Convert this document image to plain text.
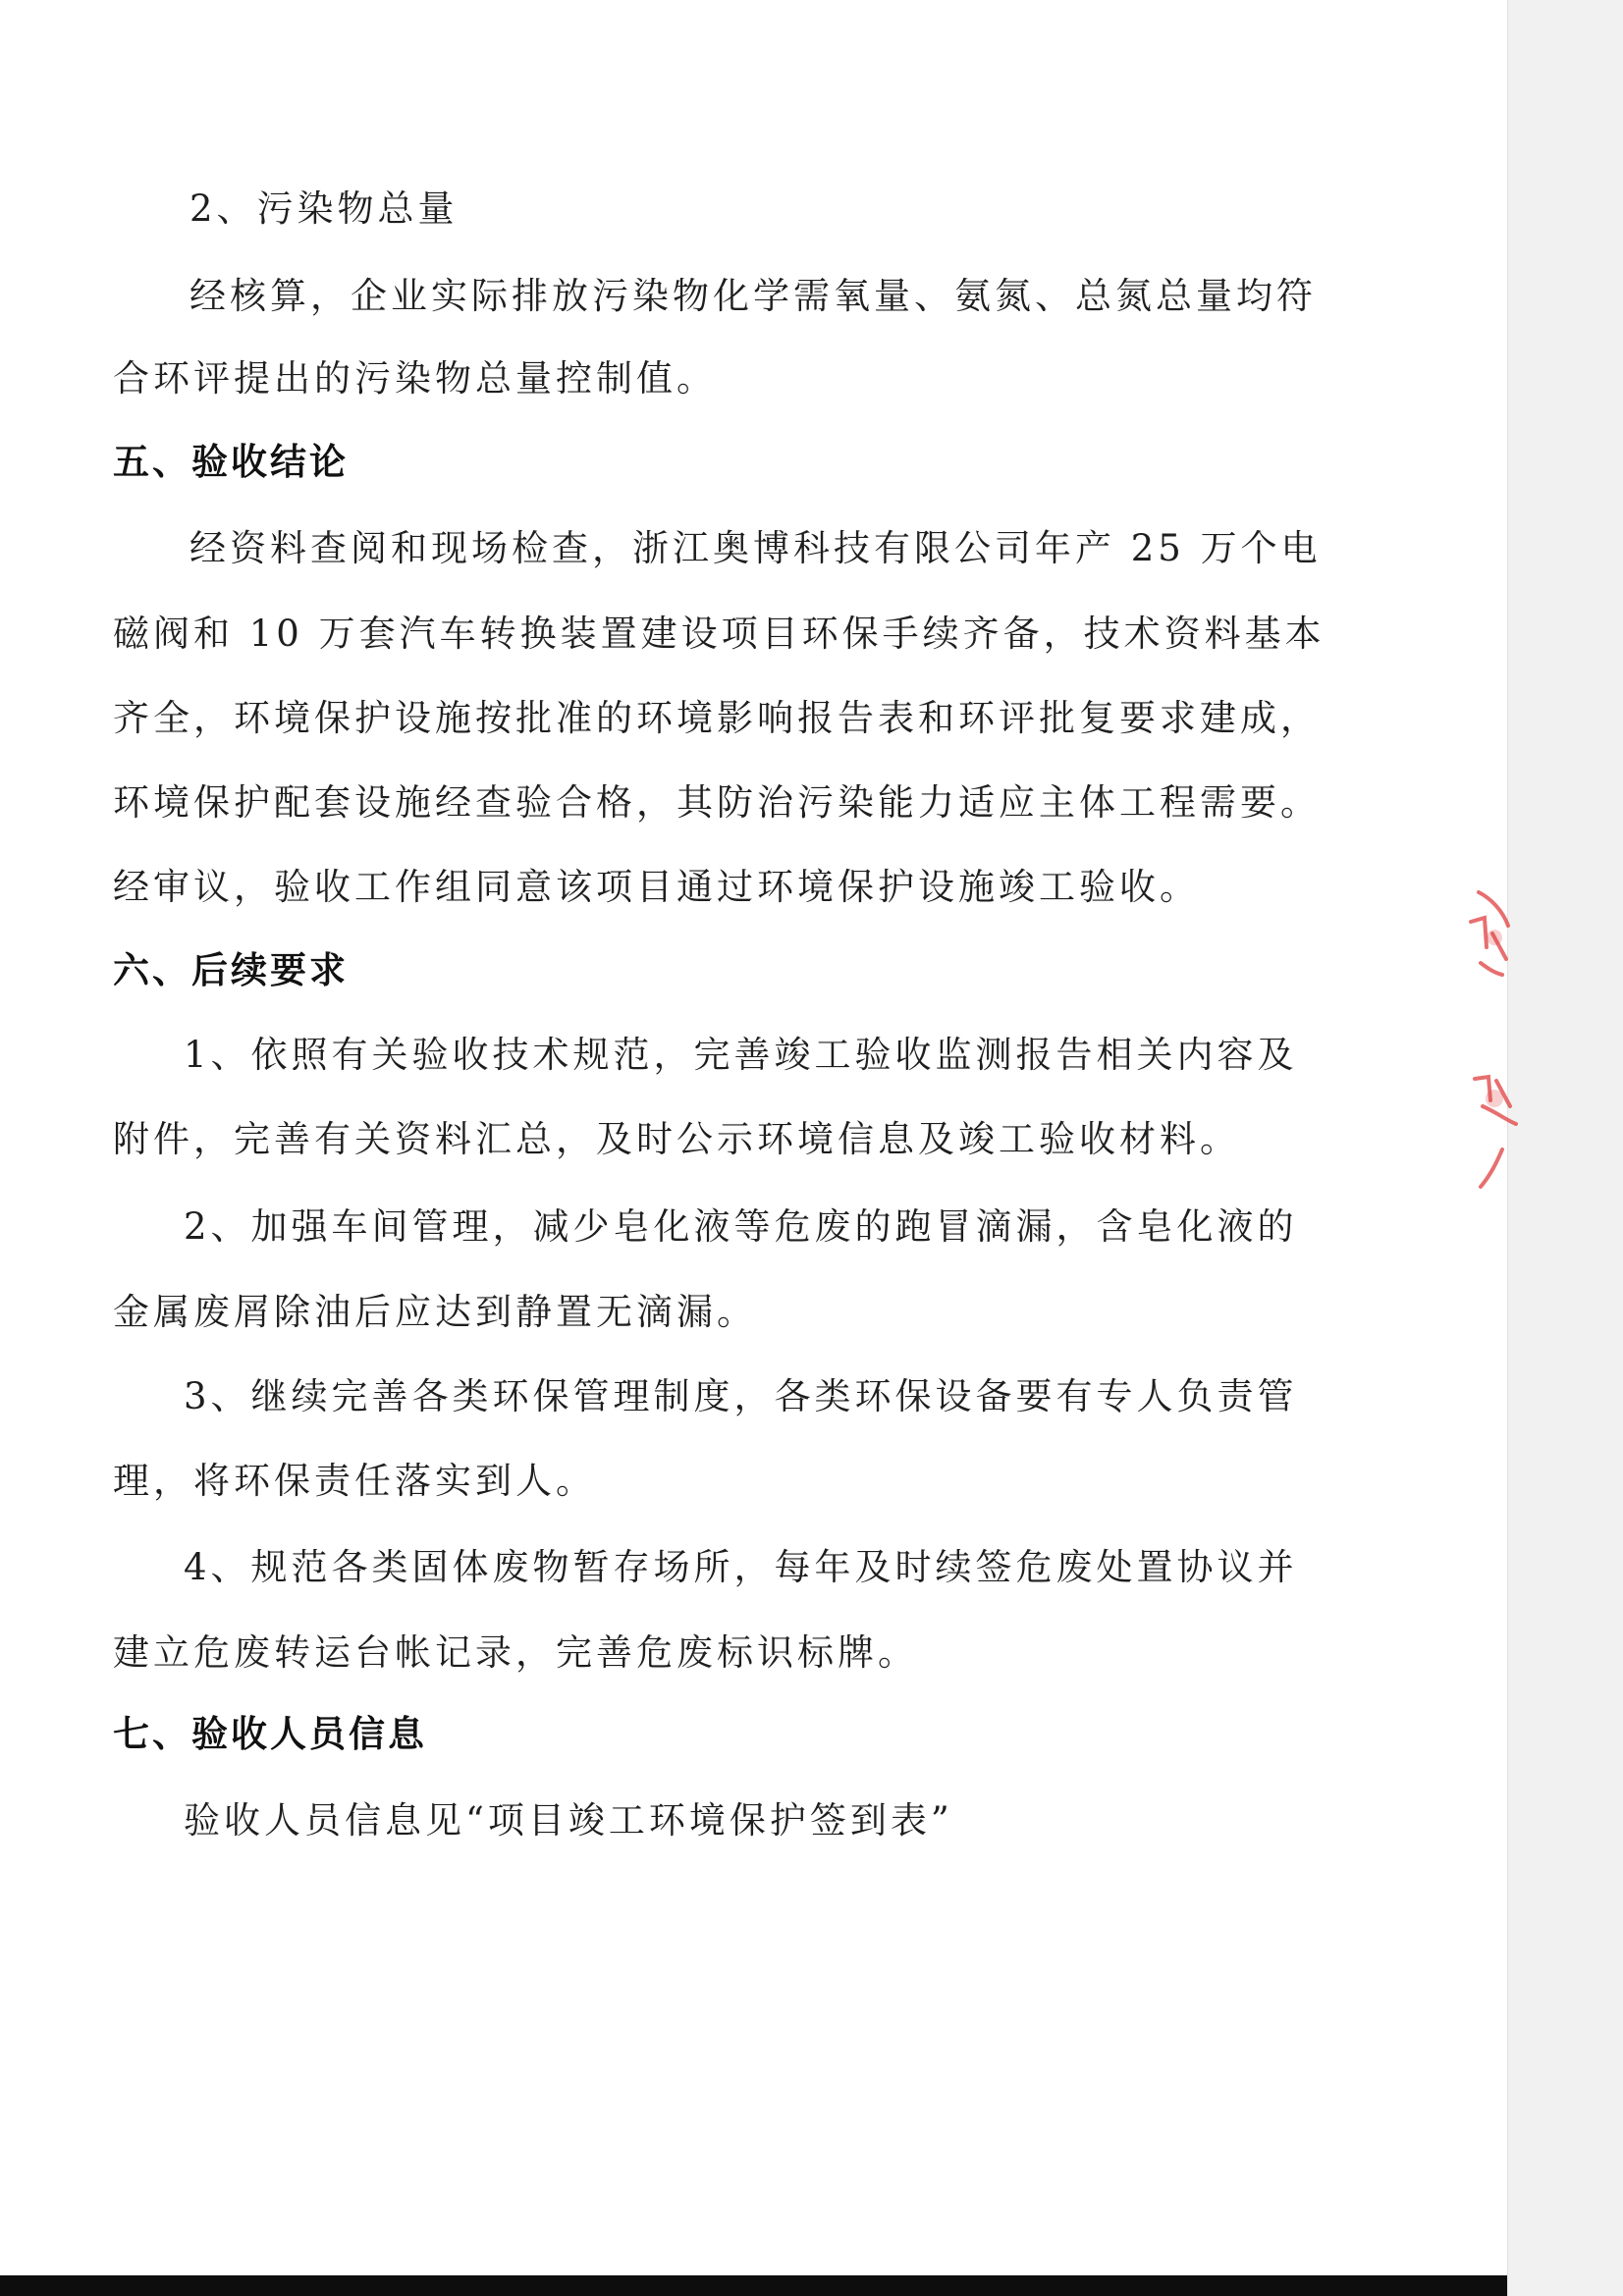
2、污染物总量

经核算，企业实际排放污染物化学需氧量、氨氮、总氮总量均符

合环评提出的污染物总量控制值。

五、验收结论

经资料查阅和现场检查，浙江奥博科技有限公司年产 25 万个电

磁阀和 10 万套汽车转换装置建设项目环保手续齐备，技术资料基本

齐全，环境保护设施按批准的环境影响报告表和环评批复要求建成，

环境保护配套设施经查验合格，其防治污染能力适应主体工程需要。

经审议，验收工作组同意该项目通过环境保护设施竣工验收。

六、后续要求

1、依照有关验收技术规范，完善竣工验收监测报告相关内容及

附件，完善有关资料汇总，及时公示环境信息及竣工验收材料。

2、加强车间管理，减少皂化液等危废的跑冒滴漏，含皂化液的

金属废屑除油后应达到静置无滴漏。

3、继续完善各类环保管理制度，各类环保设备要有专人负责管

理，将环保责任落实到人。

4、规范各类固体废物暂存场所，每年及时续签危废处置协议并

建立危废转运台帐记录，完善危废标识标牌。

七、验收人员信息

验收人员信息见“项目竣工环境保护签到表”
